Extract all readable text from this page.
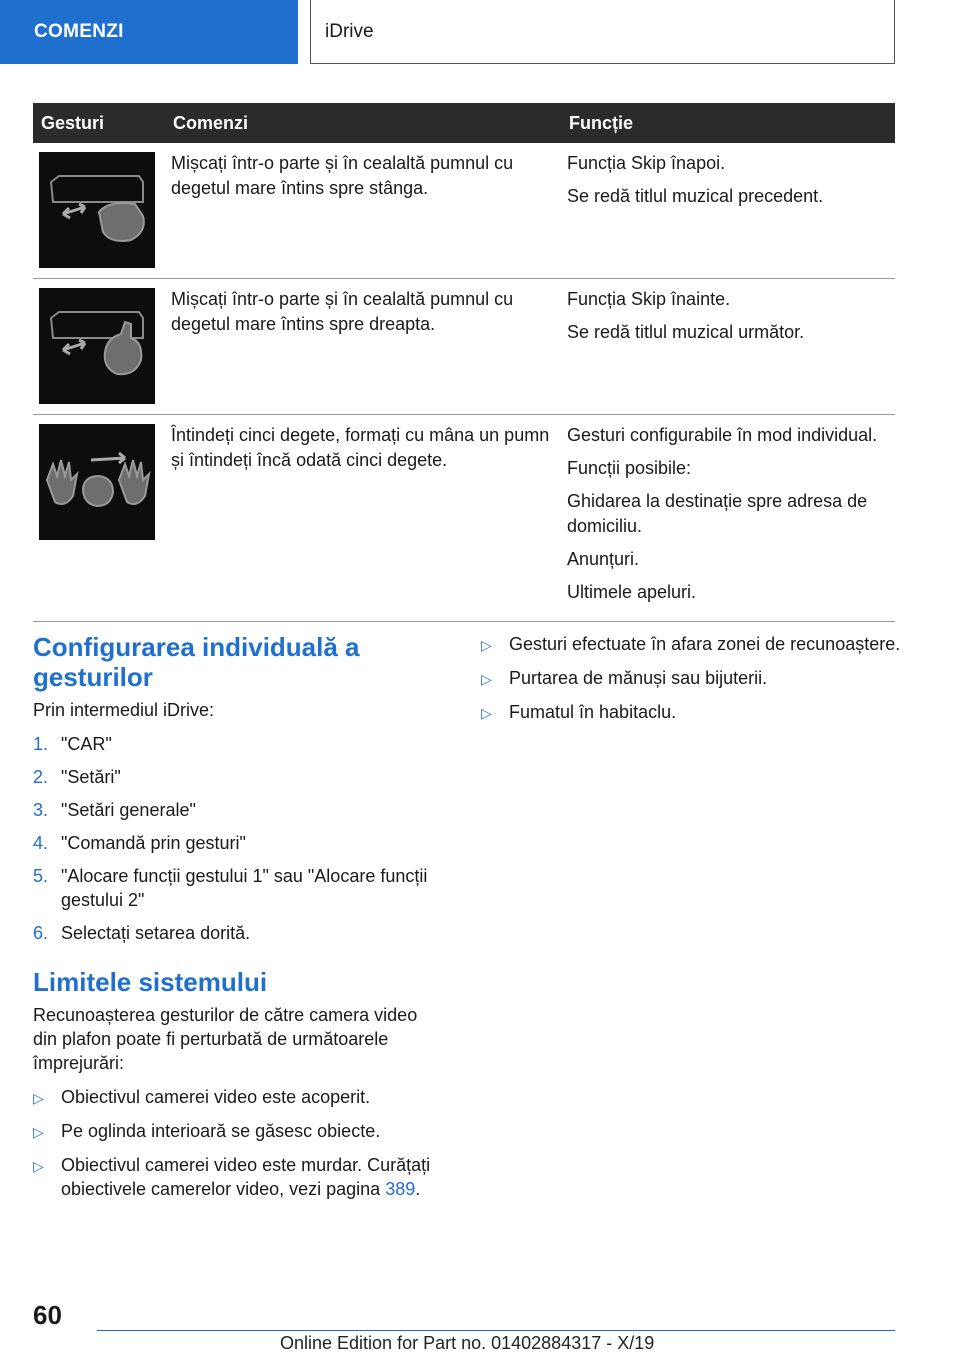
COMENZI	iDrive
Gesturi	Comenzi	Funcție

	Mișcați într-o parte și în cealaltă pumnul cu degetul mare întins spre stânga.	Funcția Skip înapoi.

Se redă titlul muzical precedent.

	Mișcați într-o parte și în cealaltă pumnul cu degetul mare întins spre dreapta.	Funcția Skip înainte.

Se redă titlul muzical următor.

	Întindeți cinci degete, formați cu mâna un pumn și întindeți încă odată cinci degete.	Gesturi configurabile în mod individual.

Funcții posibile:

Ghidarea la destinație spre adresa de domiciliu.

Anunțuri.

Ultimele apeluri.

Configurarea individuală a gesturilor
Prin intermediul iDrive:
1. "CAR"
2. "Setări"
3. "Setări generale"
4. "Comandă prin gesturi"
5. "Alocare funcții gestului 1" sau "Alocare funcții gestului 2"
6. Selectați setarea dorită.
Limitele sistemului
Recunoașterea gesturilor de către camera video din plafon poate fi perturbată de următoarele împrejurări:
▷ Obiectivul camerei video este acoperit.
▷ Pe oglinda interioară se găsesc obiecte.
▷ Obiectivul camerei video este murdar. Curățați obiectivele camerelor video, vezi pagina 389.
▷ Gesturi efectuate în afara zonei de recunoaștere.
▷ Purtarea de mănuși sau bijuterii.
▷ Fumatul în habitaclu.
60
Online Edition for Part no. 01402884317 - X/19
